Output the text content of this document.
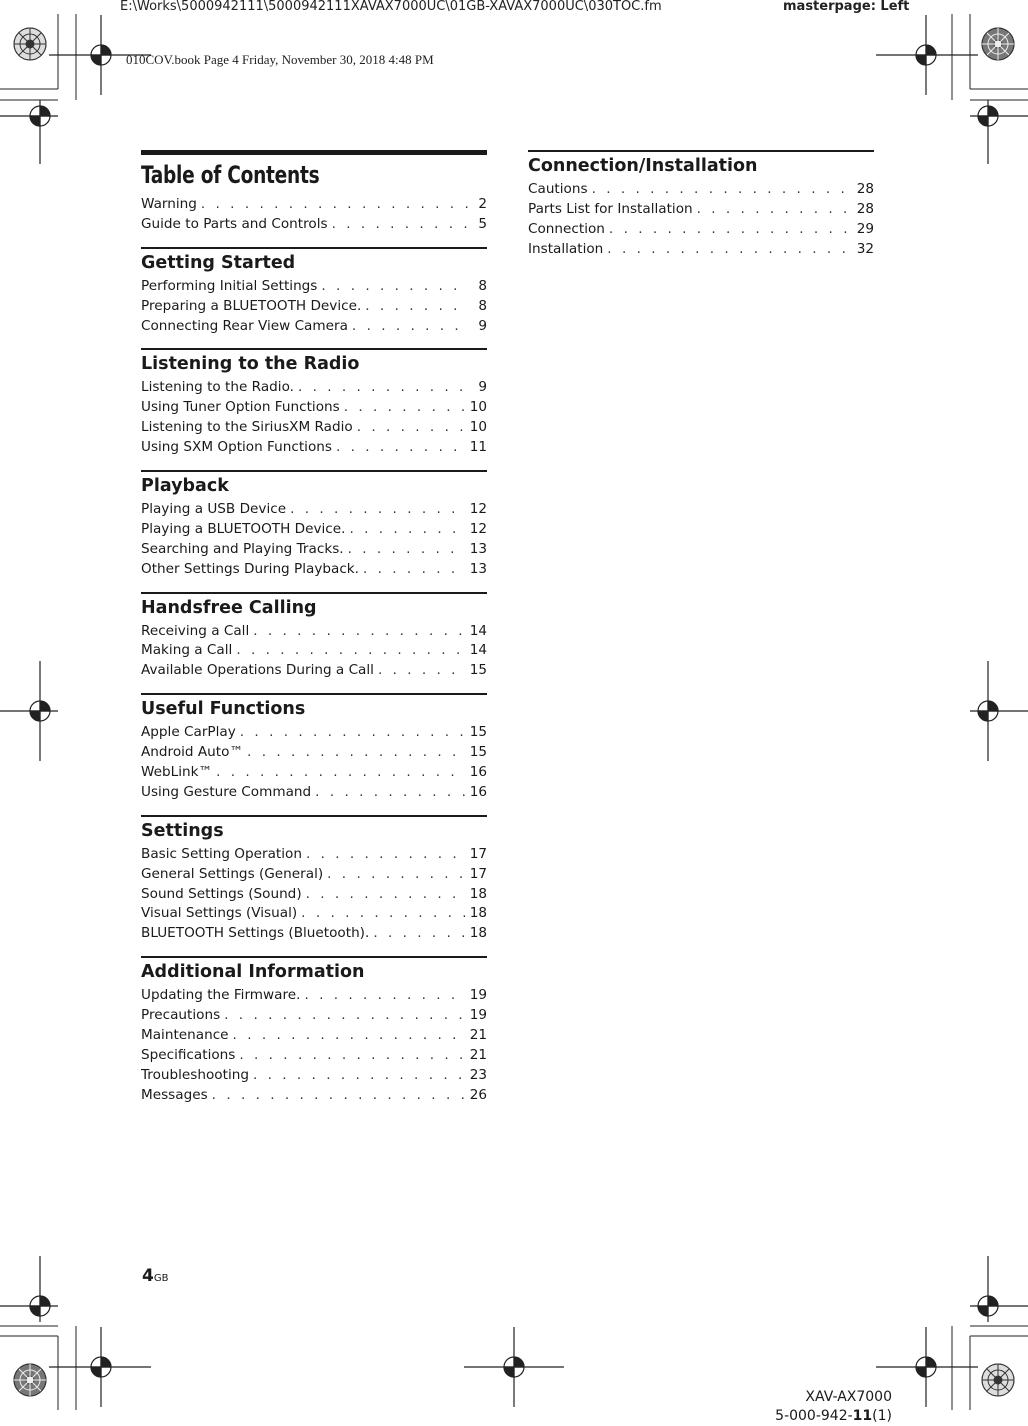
E:\Works\5000942111\5000942111XAVAX7000UC\01GB-XAVAX7000UC\030TOC.fm	masterpage: Left
010COV.book Page 4 Friday, November 30, 2018 4:48 PM
Table of Contents
Warning . . .	2
Guide to Parts and Controls . . .	5
Getting Started
Performing Initial Settings . . .	8
Preparing a BLUETOOTH Device. . . .	8
Connecting Rear View Camera . . .	9
Listening to the Radio
Listening to the Radio. . . .	9
Using Tuner Option Functions . . .	10
Listening to the SiriusXM Radio . . .	10
Using SXM Option Functions . . .	11
Playback
Playing a USB Device . . .	12
Playing a BLUETOOTH Device. . . .	12
Searching and Playing Tracks. . . .	13
Other Settings During Playback. . . .	13
Handsfree Calling
Receiving a Call . . .	14
Making a Call . . .	14
Available Operations During a Call . . .	15
Useful Functions
Apple CarPlay . . .	15
Android Auto™ . . .	15
WebLink™ . . .	16
Using Gesture Command . . .	16
Settings
Basic Setting Operation . . .	17
General Settings (General) . . .	17
Sound Settings (Sound) . . .	18
Visual Settings (Visual) . . .	18
BLUETOOTH Settings (Bluetooth). . . .	18
Additional Information
Updating the Firmware. . . .	19
Precautions . . .	19
Maintenance . . .	21
Specifications . . .	21
Troubleshooting . . .	23
Messages . . .	26
Connection/Installation
Cautions . . .	28
Parts List for Installation . . .	28
Connection . . .	29
Installation . . .	32
4GB
XAV-AX7000
5-000-942-11(1)
